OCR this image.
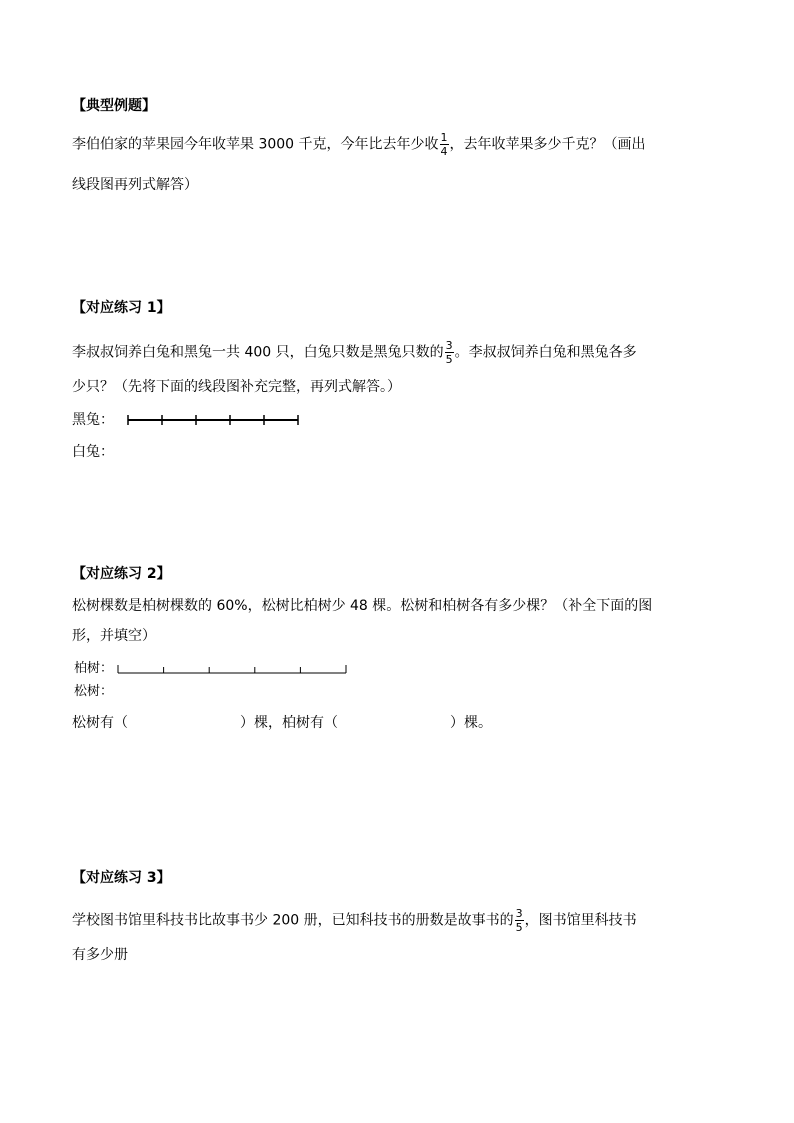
【典型例题】
李伯伯家的苹果园今年收苹果 3000 千克，今年比去年少收 $\frac{1}{4}$ ，去年收苹果多少千克？（画出
线段图再列式解答）
【对应练习 1】
李叔叔饲养白兔和黑兔一共 400 只，白兔只数是黑兔只数的 $\frac{3}{5}$ 。李叔叔饲养白兔和黑兔各多
少只？（先将下面的线段图补充完整，再列式解答。）
黑兔：
白兔：
【对应练习 2】
松树棵数是柏树棵数的 60%，松树比柏树少 48 棵。松树和柏树各有多少棵？（补全下面的图
形，并填空）
柏树：
松树：
松树有（	）棵，柏树有（	）棵。
【对应练习 3】
学校图书馆里科技书比故事书少 200 册，已知科技书的册数是故事书的 $\frac{3}{5}$ ，图书馆里科技书
有多少册
